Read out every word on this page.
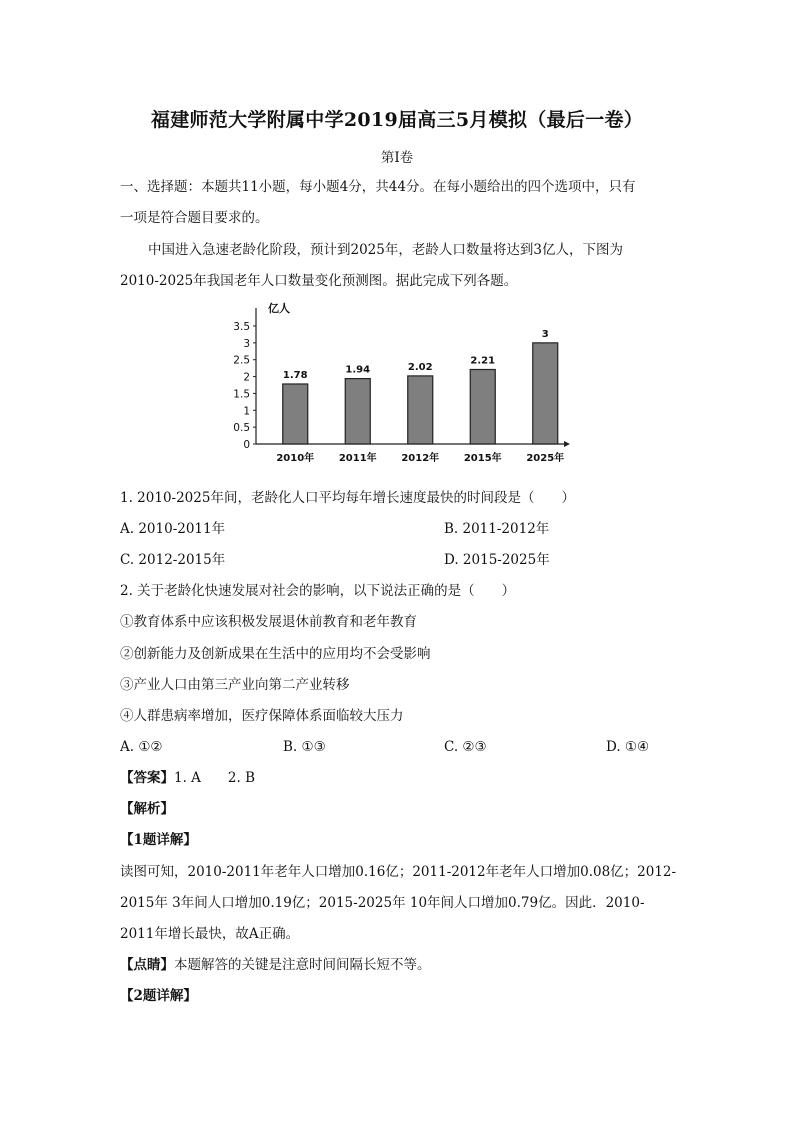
福建师范大学附属中学2019届高三5月模拟（最后一卷）
第Ⅰ卷
一、选择题：本题共11小题，每小题4分，共44分。在每小题给出的四个选项中，只有
一项是符合题目要求的。
中国进入急速老龄化阶段，预计到2025年，老龄人口数量将达到3亿人，下图为
2010-2025年我国老年人口数量变化预测图。据此完成下列各题。
亿人
0
0.5
1
1.5
2
2.5
3
3.5
1.78
2010年
1.94
2011年
2.02
2012年
2.21
2015年
3
2025年
1. 2010-2025年间，老龄化人口平均每年增长速度最快的时间段是（　　）
A. 2010-2011年	B. 2011-2012年
C. 2012-2015年	D. 2015-2025年
2. 关于老龄化快速发展对社会的影响，以下说法正确的是（　　）
①教育体系中应该积极发展退休前教育和老年教育
②创新能力及创新成果在生活中的应用均不会受影响
③产业人口由第三产业向第二产业转移
④人群患病率增加，医疗保障体系面临较大压力
A. ①②	B. ①③	C. ②③	D. ①④
【答案】1. A　　2. B
【解析】
【1题详解】
读图可知，2010-2011年老年人口增加0.16亿；2011-2012年老年人口增加0.08亿；2012-
2015年 3年间人口增加0.19亿；2015-2025年 10年间人口增加0.79亿。因此．2010-
2011年增长最快，故A正确。
【点睛】本题解答的关键是注意时间间隔长短不等。
【2题详解】
